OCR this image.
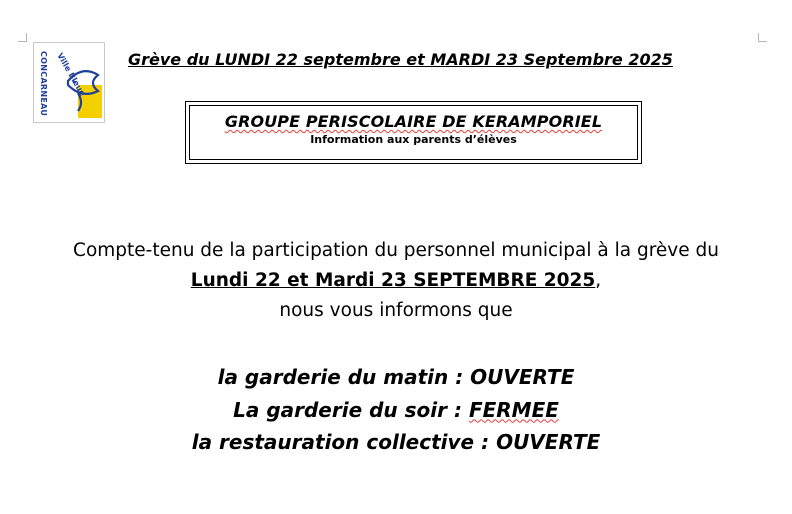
CONCARNEAU Ville Bleue	Grève du LUNDI 22 septembre et MARDI 23 Septembre 2025
GROUPE PERISCOLAIRE DE KERAMPORIEL
Information aux parents d’élèves
Compte-tenu de la participation du personnel municipal à la grève du
Lundi 22 et Mardi 23 SEPTEMBRE 2025,
nous vous informons que
la garderie du matin : OUVERTE
La garderie du soir : FERMEE
la restauration collective : OUVERTE
